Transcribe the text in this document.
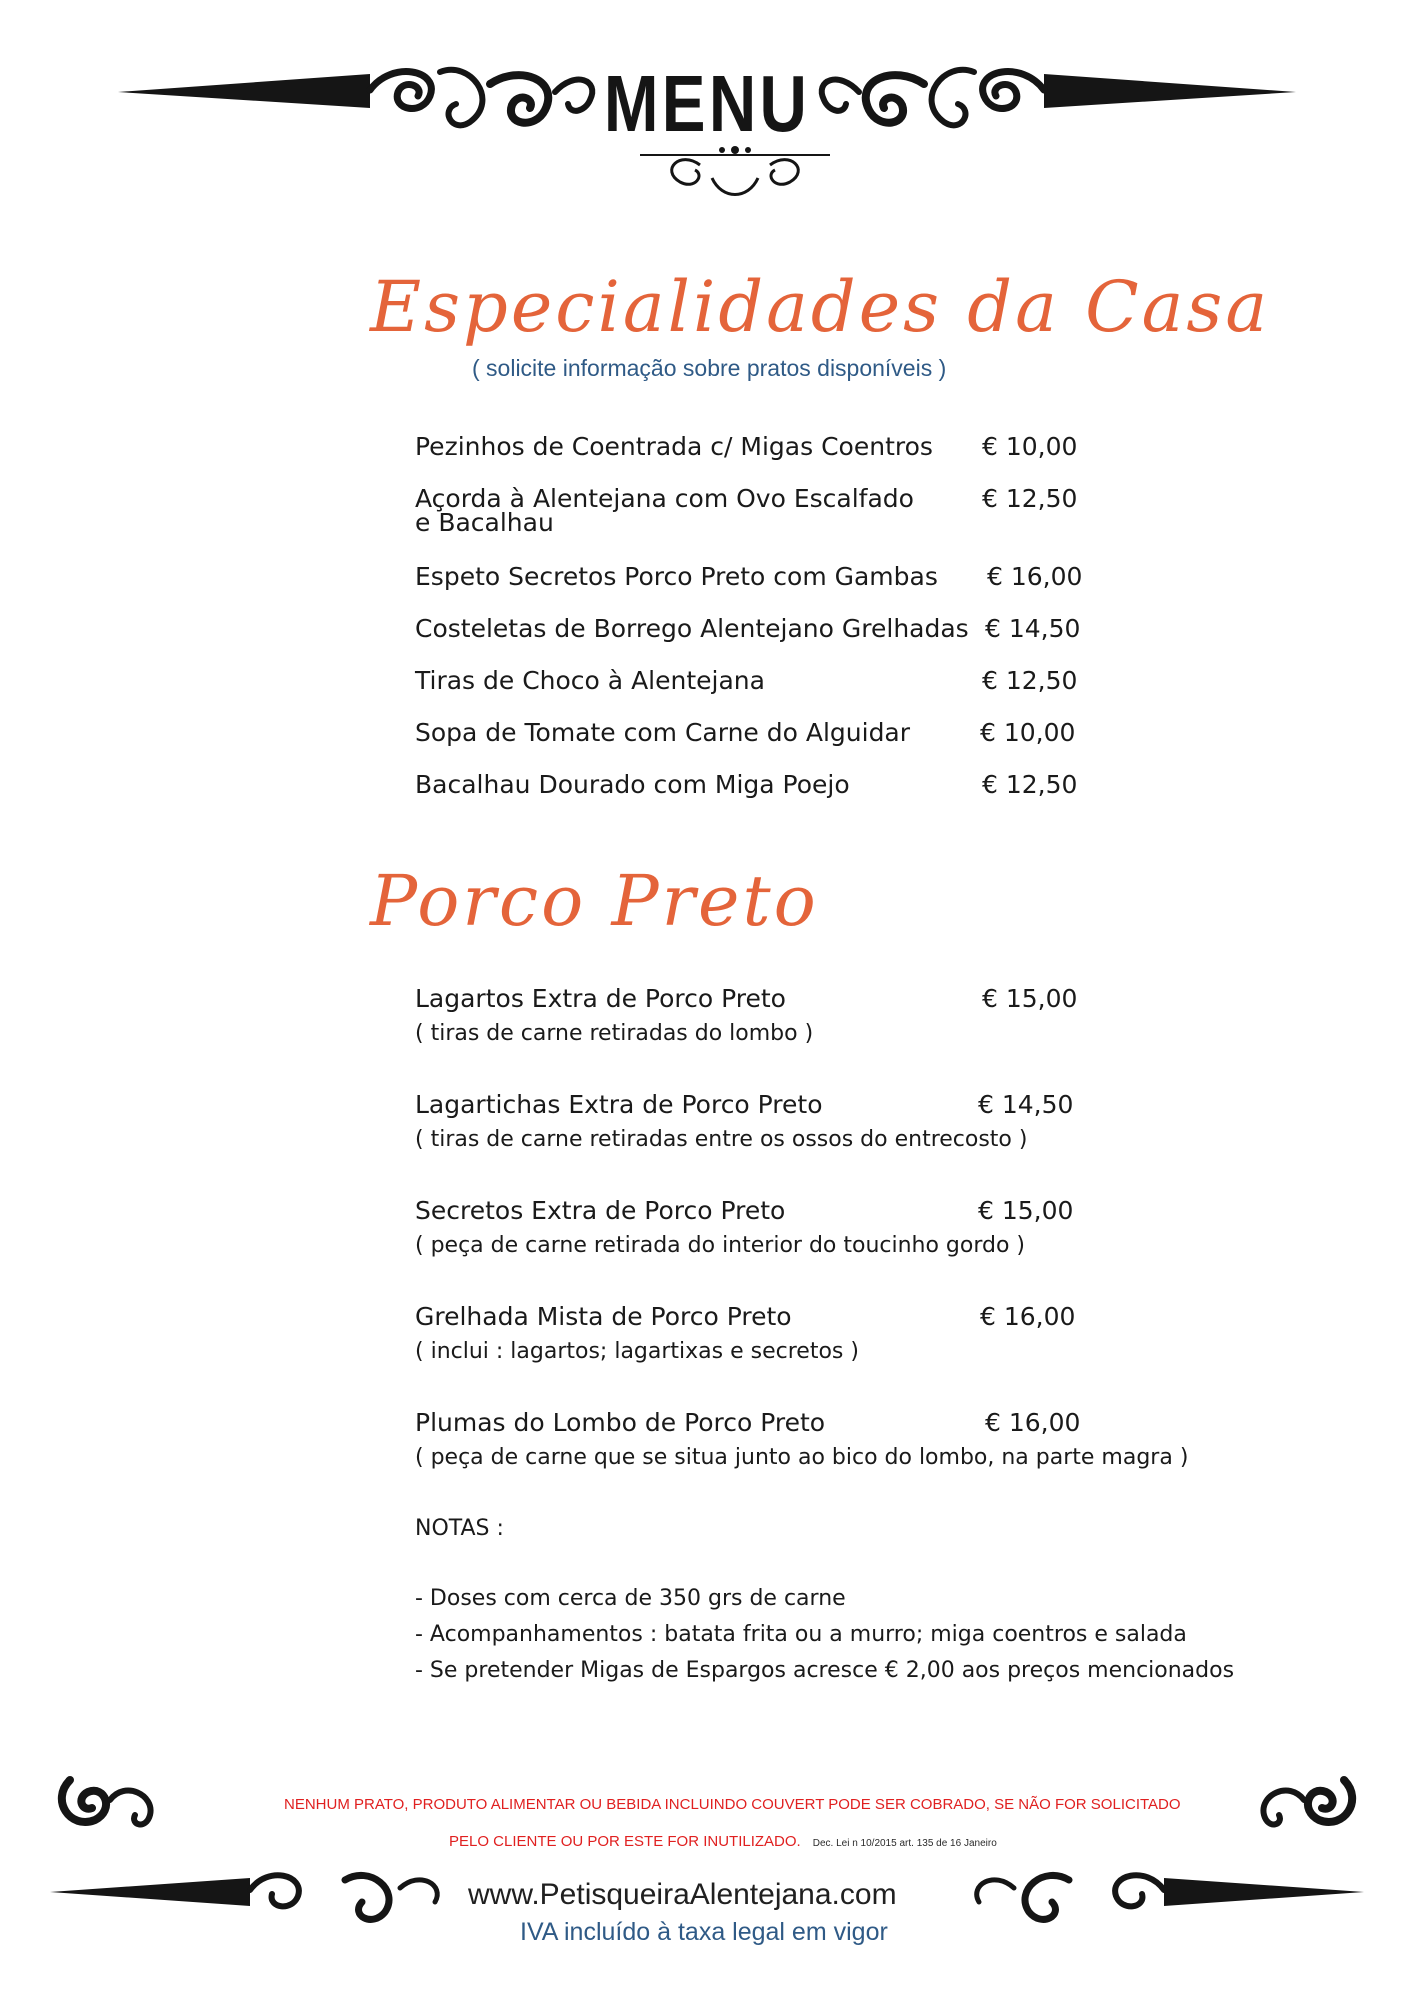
MENU
Especialidades da Casa
( solicite informação sobre pratos disponíveis )
Pezinhos de Coentrada c/ Migas Coentros € 10,00
Açorda à Alentejana com Ovo Escalfado
e Bacalhau
€ 12,50
Espeto Secretos Porco Preto com Gambas € 16,00
Costeletas de Borrego Alentejano Grelhadas € 14,50
Tiras de Choco à Alentejana	€ 12,50
Sopa de Tomate com Carne do Alguidar	€ 10,00
Bacalhau Dourado com Miga Poejo	€ 12,50
Porco Preto
Lagartos Extra de Porco Preto	€ 15,00
( tiras de carne retiradas do lombo )
Lagartichas Extra de Porco Preto	€ 14,50
( tiras de carne retiradas entre os ossos do entrecosto )
Secretos Extra de Porco Preto	€ 15,00
( peça de carne retirada do interior do toucinho gordo )
Grelhada Mista de Porco Preto	€ 16,00
( inclui : lagartos; lagartixas e secretos )
Plumas do Lombo de Porco Preto	€ 16,00
( peça de carne que se situa junto ao bico do lombo, na parte magra )
NOTAS :
- Doses com cerca de 350 grs de carne
- Acompanhamentos : batata frita ou a murro; miga coentros e salada
- Se pretender Migas de Espargos acresce € 2,00 aos preços mencionados
NENHUM PRATO, PRODUTO ALIMENTAR OU BEBIDA INCLUINDO COUVERT PODE SER COBRADO, SE NÃO FOR SOLICITADO
PELO CLIENTE OU POR ESTE FOR INUTILIZADO. Dec. Lei n 10/2015 art. 135 de 16 Janeiro
www.PetisqueiraAlentejana.com
IVA incluído à taxa legal em vigor
